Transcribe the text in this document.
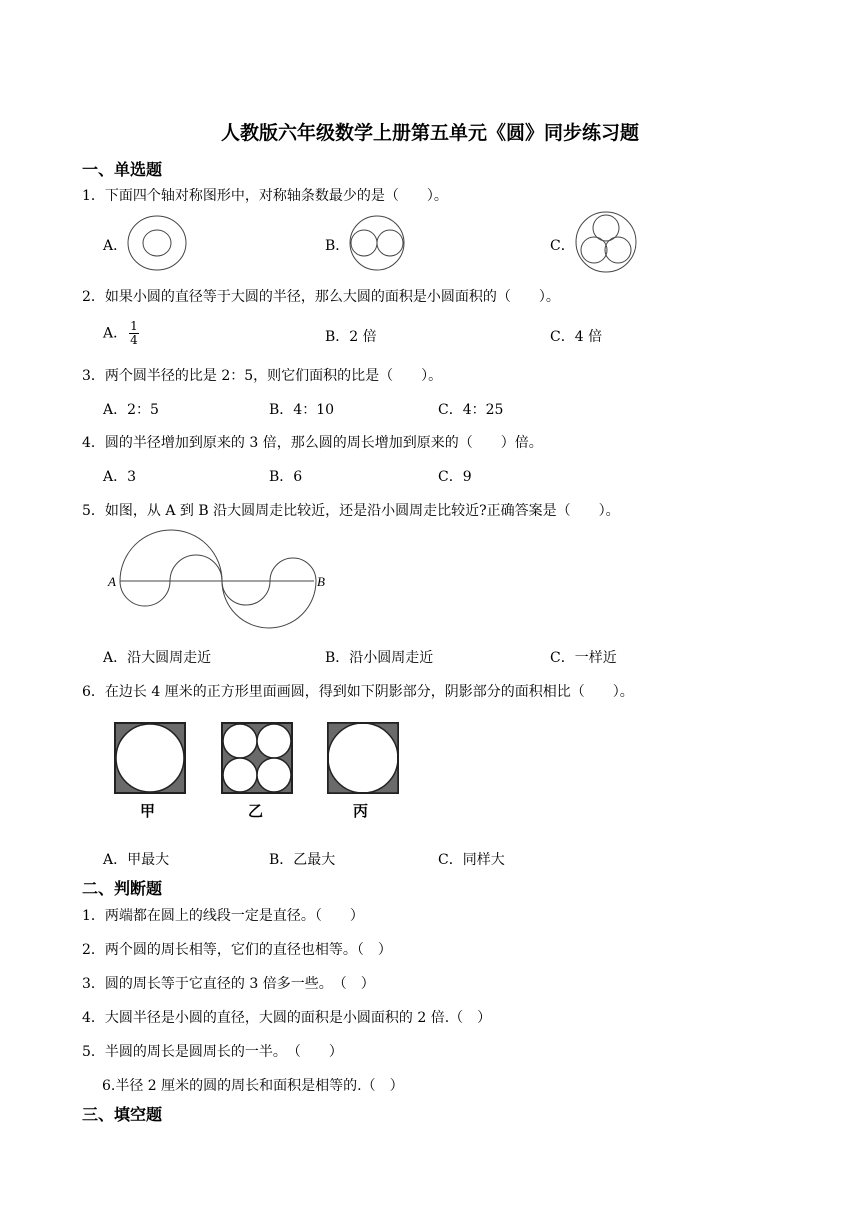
人教版六年级数学上册第五单元《圆》同步练习题
一、单选题
1．下面四个轴对称图形中，对称轴条数最少的是（　　）。
A．	B．	C．
2．如果小圆的直径等于大圆的半径，那么大圆的面积是小圆面积的（　　）。
A． $\frac{1}{4}$	B．2 倍	C．4 倍
3．两个圆半径的比是 2：5，则它们面积的比是（　　）。
A．2：5	B．4：10	C．4：25
4．圆的半径增加到原来的 3 倍，那么圆的周长增加到原来的（　　）倍。
A．3	B．6	C．9
5．如图，从 A 到 B 沿大圆周走比较近，还是沿小圆周走比较近?正确答案是（　　）。
A	B
A．沿大圆周走近	B．沿小圆周走近	C．一样近
6．在边长 4 厘米的正方形里面画圆，得到如下阴影部分，阴影部分的面积相比（　　）。
甲	乙	丙
A．甲最大	B．乙最大	C．同样大
二、判断题
1．两端都在圆上的线段一定是直径。（　　）
2．两个圆的周长相等，它们的直径也相等。（　）
3．圆的周长等于它直径的 3 倍多一些。　（　）
4．大圆半径是小圆的直径，大圆的面积是小圆面积的 2 倍.（　）
5．半圆的周长是圆周长的一半。　（　　）
6.半径 2 厘米的圆的周长和面积是相等的.（　）
三、填空题
